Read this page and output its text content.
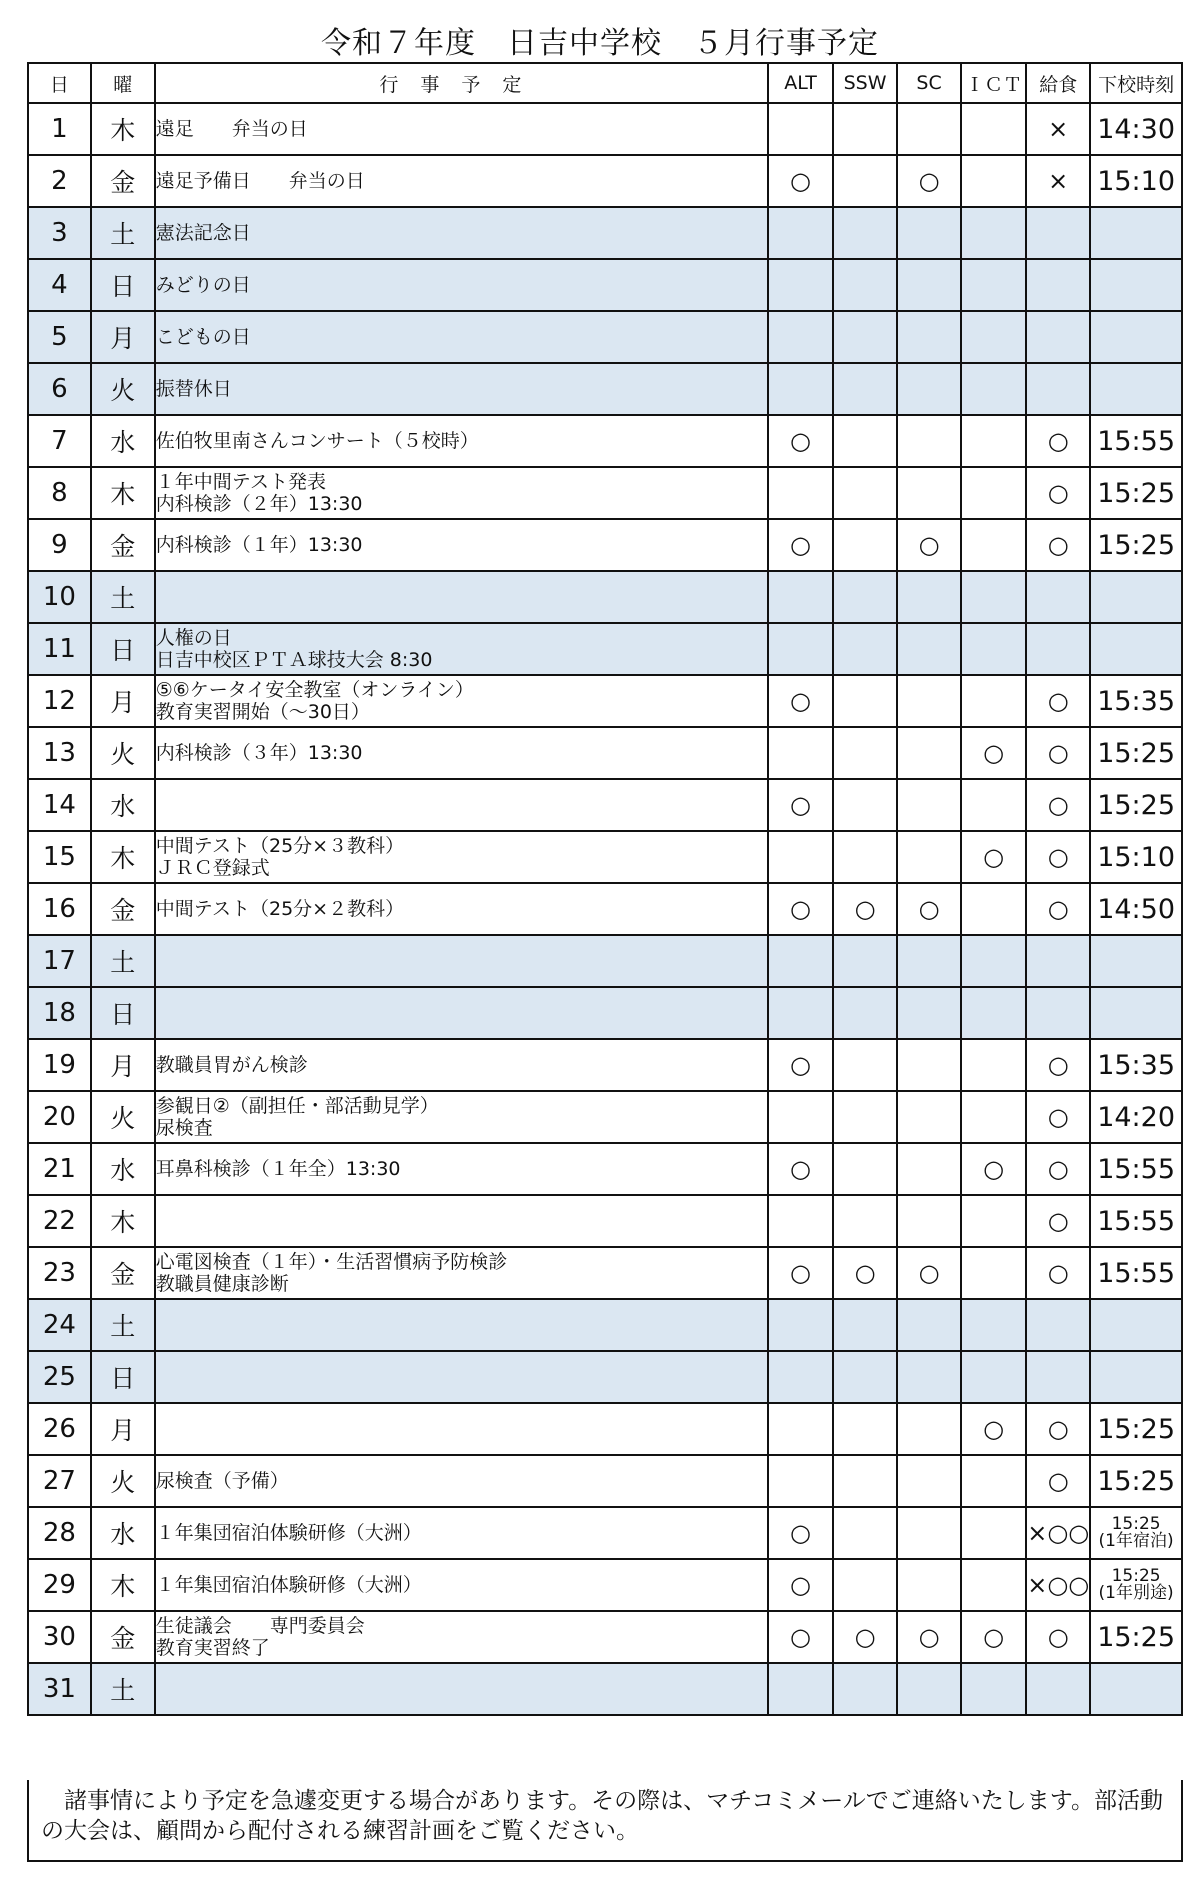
令和７年度　日吉中学校　５月行事予定
日	曜	行事予定	ALT	SSW	SC	ＩＣＴ	給食	下校時刻
1	木	遠足　　弁当の日					×	14:30
2	金	遠足予備日　　弁当の日	○		○		×	15:10
3	土	憲法記念日						
4	日	みどりの日						
5	月	こどもの日						
6	火	振替休日						
7	水	佐伯牧里南さんコンサート（５校時）	○				○	15:55
8	木	１年中間テスト発表
内科検診（２年）13:30					○	15:25
9	金	内科検診（１年）13:30	○		○		○	15:25
10	土							
11	日	人権の日
日吉中校区ＰＴＡ球技大会 8:30						
12	月	⑤⑥ケータイ安全教室（オンライン）
教育実習開始（～30日）	○				○	15:35
13	火	内科検診（３年）13:30				○	○	15:25
14	水		○				○	15:25
15	木	中間テスト（25分×３教科）
ＪＲＣ登録式				○	○	15:10
16	金	中間テスト（25分×２教科）	○	○	○		○	14:50
17	土							
18	日							
19	月	教職員胃がん検診	○				○	15:35
20	火	参観日②（副担任・部活動見学）
尿検査					○	14:20
21	水	耳鼻科検診（１年全）13:30	○			○	○	15:55
22	木						○	15:55
23	金	心電図検査（１年）・生活習慣病予防検診
教職員健康診断	○	○	○		○	15:55
24	土							
25	日							
26	月					○	○	15:25
27	火	尿検査（予備）					○	15:25
28	水	１年集団宿泊体験研修（大洲）	○				×○○	15:25
(1年宿泊)
29	木	１年集団宿泊体験研修（大洲）	○				×○○	15:25
(1年別途)
30	金	生徒議会　　専門委員会
教育実習終了	○	○	○	○	○	15:25
31	土							
諸事情により予定を急遽変更する場合があります。その際は、マチコミメールでご連絡いたします。部活動の大会は、顧問から配付される練習計画をご覧ください。
